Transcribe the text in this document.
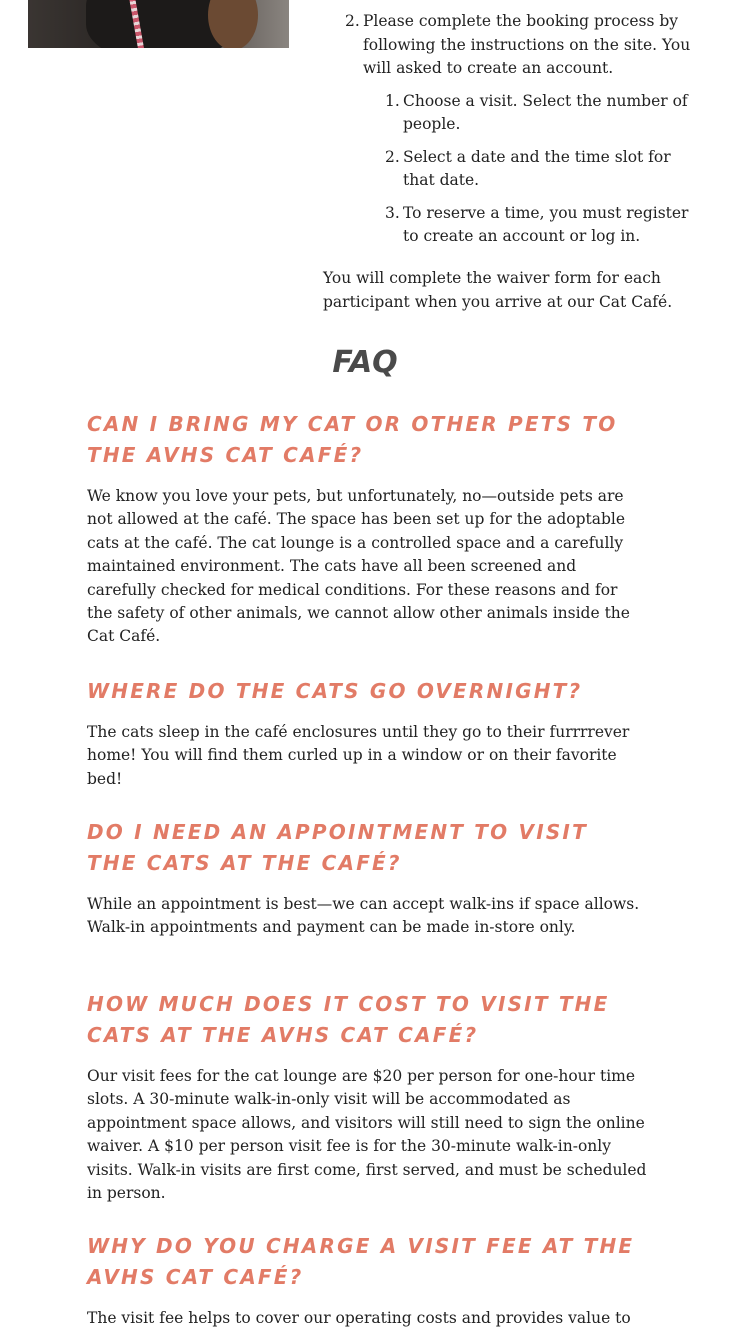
Please complete the booking process by following the instructions on the site. You will asked to create an account.
Choose a visit. Select the number of people.
Select a date and the time slot for that date.
To reserve a time, you must register to create an account or log in.

You will complete the waiver form for each participant when you arrive at our Cat Café.

FAQ
CAN I BRING MY CAT OR OTHER PETS TO THE AVHS CAT CAFÉ?

We know you love your pets, but unfortunately, no—outside pets are not allowed at the café. The space has been set up for the adoptable cats at the café. The cat lounge is a controlled space and a carefully maintained environment. The cats have all been screened and carefully checked for medical conditions. For these reasons and for the safety of other animals, we cannot allow other animals inside the Cat Café.

WHERE DO THE CATS GO OVERNIGHT?

The cats sleep in the café enclosures until they go to their furrrrever home! You will find them curled up in a window or on their favorite bed!

DO I NEED AN APPOINTMENT TO VISIT THE CATS AT THE CAFÉ?

While an appointment is best—we can accept walk-ins if space allows. Walk-in appointments and payment can be made in-store only.

HOW MUCH DOES IT COST TO VISIT THE CATS AT THE AVHS CAT CAFÉ?

Our visit fees for the cat lounge are $20 per person for one-hour time slots. A 30-minute walk-in-only visit will be accommodated as appointment space allows, and visitors will still need to sign the online waiver. A $10 per person visit fee is for the 30-minute walk-in-only visits. Walk-in visits are first come, first served, and must be scheduled in person.

WHY DO YOU CHARGE A VISIT FEE AT THE AVHS CAT CAFÉ?

The visit fee helps to cover our operating costs and provides value to
